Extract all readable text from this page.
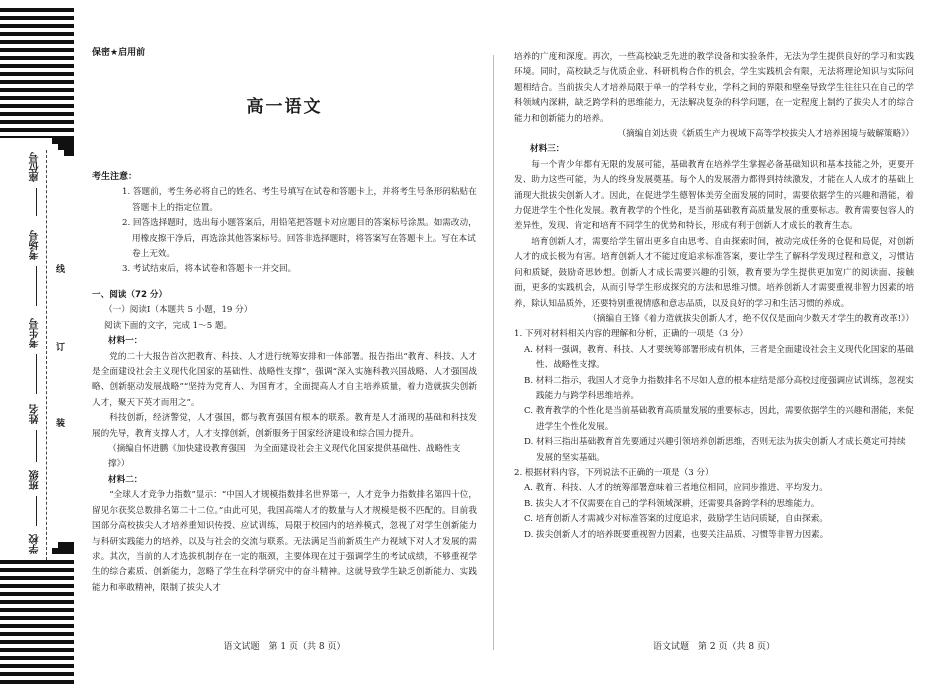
座位号
考场号
考生号
姓名
班级
学校
线
订
装
保密★启用前
高一语文
考生注意：
1. 答题前，考生务必将自己的姓名、考生号填写在试卷和答题卡上，并将考生号条形码粘贴在答题卡上的指定位置。
2. 回答选择题时，选出每小题答案后，用铅笔把答题卡对应题目的答案标号涂黑。如需改动，用橡皮擦干净后，再选涂其他答案标号。回答非选择题时，将答案写在答题卡上。写在本试卷上无效。
3. 考试结束后，将本试卷和答题卡一并交回。
一、阅读（72 分）
（一）阅读Ⅰ（本题共 5 小题，19 分）
阅读下面的文字，完成 1～5 题。
材料一：
党的二十大报告首次把教育、科技、人才进行统筹安排和一体部署。报告指出“教育、科技、人才是全面建设社会主义现代化国家的基础性、战略性支撑”，强调“深入实施科教兴国战略、人才强国战略、创新驱动发展战略”“坚持为党育人、为国育才，全面提高人才自主培养质量，着力造就拔尖创新人才，聚天下英才而用之”。
科技创新，经济警觉，人才强国，都与教育强国有根本的联系。教育是人才涌现的基础和科技发展的先导，教育支撑人才，人才支撑创新，创新服务于国家经济建设和综合国力提升。
（摘编自怀进鹏《加快建设教育强国　为全面建设社会主义现代化国家提供基础性、战略性支撑》）
材料二：
“全球人才竞争力指数”显示：“中国人才规模指数排名世界第一，人才竞争力指数排名第四十位，留见尔获奖总数排名第二十二位。”由此可见，我国高端人才的数量与人才规模是极不匹配的。目前我国部分高校拔尖人才培养重知识传授、应试训练，局限于校园内的培养模式，忽视了对学生创新能力与科研实践能力的培养，以及与社会的交流与联系。无法满足当前新质生产力视域下对人才发展的需求。其次，当前的人才选拔机制存在一定的瓶颈，主要体现在过于强调学生的考试成绩，不够重视学生的综合素质、创新能力，忽略了学生在科学研究中的奋斗精神。这就导致学生缺乏创新能力、实践能力和率敢精神，限制了拔尖人才
语文试题　第 1 页（共 8 页）
培养的广度和深度。再次，一些高校缺乏先进的教学设备和实验条件，无法为学生提供良好的学习和实践环境。同时，高校缺乏与优质企业、科研机构合作的机会，学生实践机会有限，无法将理论知识与实际问题相结合。当前拔尖人才培养局限于单一的学科专业，学科之间的界限和壁垒导致学生往往只在自己的学科领域内深耕，缺乏跨学科的思维能力，无法解决复杂的科学问题，在一定程度上制约了拔尖人才的综合能力和创新能力的培养。
（摘编自刘达贵《新质生产力视域下高等学校拔尖人才培养困境与破解策略》）
材料三：
每一个青少年都有无限的发展可能，基础教育在培养学生掌握必备基础知识和基本技能之外，更要开发、助力这些可能，为人的终身发展奠基。每个人的发展潜力都得到持续激发，才能在人人成才的基础上涌现大批拔尖创新人才。因此，在促进学生德智体美劳全面发展的同时，需要依据学生的兴趣和潜能，着力促进学生个性化发展。教育教学的个性化，是当前基础教育高质量发展的重要标志。教育需要包容人的差异性，发现、肯定和培育不同学生的优势和特长，形成有利于创新人才成长的教育生态。
培育创新人才，需要给学生留出更多自由思考、自由探索时间，被动完成任务的仓促和局促，对创新人才的成长极为有害。培育创新人才不能过度追求标准答案，要让学生了解科学发现过程和意义，习惯诘问和质疑，鼓励奇思妙想。创新人才成长需要兴趣的引领，教育要为学生提供更加宽广的阅读面、接触面，更多的实践机会，从而引导学生形成探究的方法和思维习惯。培养创新人才需要重视非智力因素的培养，除认知品质外，还要特别重视情感和意志品质，以及良好的学习和生活习惯的养成。
（摘编自王锋《着力造就拔尖创新人才，绝不仅仅是面向少数天才学生的教育改革!》）
1. 下列对材料相关内容的理解和分析，正确的一项是（3 分）
A. 材料一强调，教育、科技、人才要统筹部署形成有机体，三者是全面建设社会主义现代化国家的基础性、战略性支撑。
B. 材料二指示，我国人才竞争力指数排名不尽如人意的根本症结是部分高校过度强调应试训练，忽视实践能力与跨学科思维培养。
C. 教育教学的个性化是当前基础教育高质量发展的重要标志，因此，需要依据学生的兴趣和潜能，来促进学生个性化发展。
D. 材料三指出基础教育首先要通过兴趣引领培养创新思维，否则无法为拔尖创新人才成长奠定可持续发展的坚实基础。
2. 根据材料内容，下列说法不正确的一项是（3 分）
A. 教育、科技、人才的统筹部署意味着三者地位相同，应同步推进、平均发力。
B. 拔尖人才不仅需要在自己的学科领域深耕，还需要具备跨学科的思维能力。
C. 培育创新人才需减少对标准答案的过度追求，鼓励学生诘问质疑，自由探索。
D. 拔尖创新人才的培养既要重视智力因素，也要关注品质、习惯等非智力因素。
语文试题　第 2 页（共 8 页）
